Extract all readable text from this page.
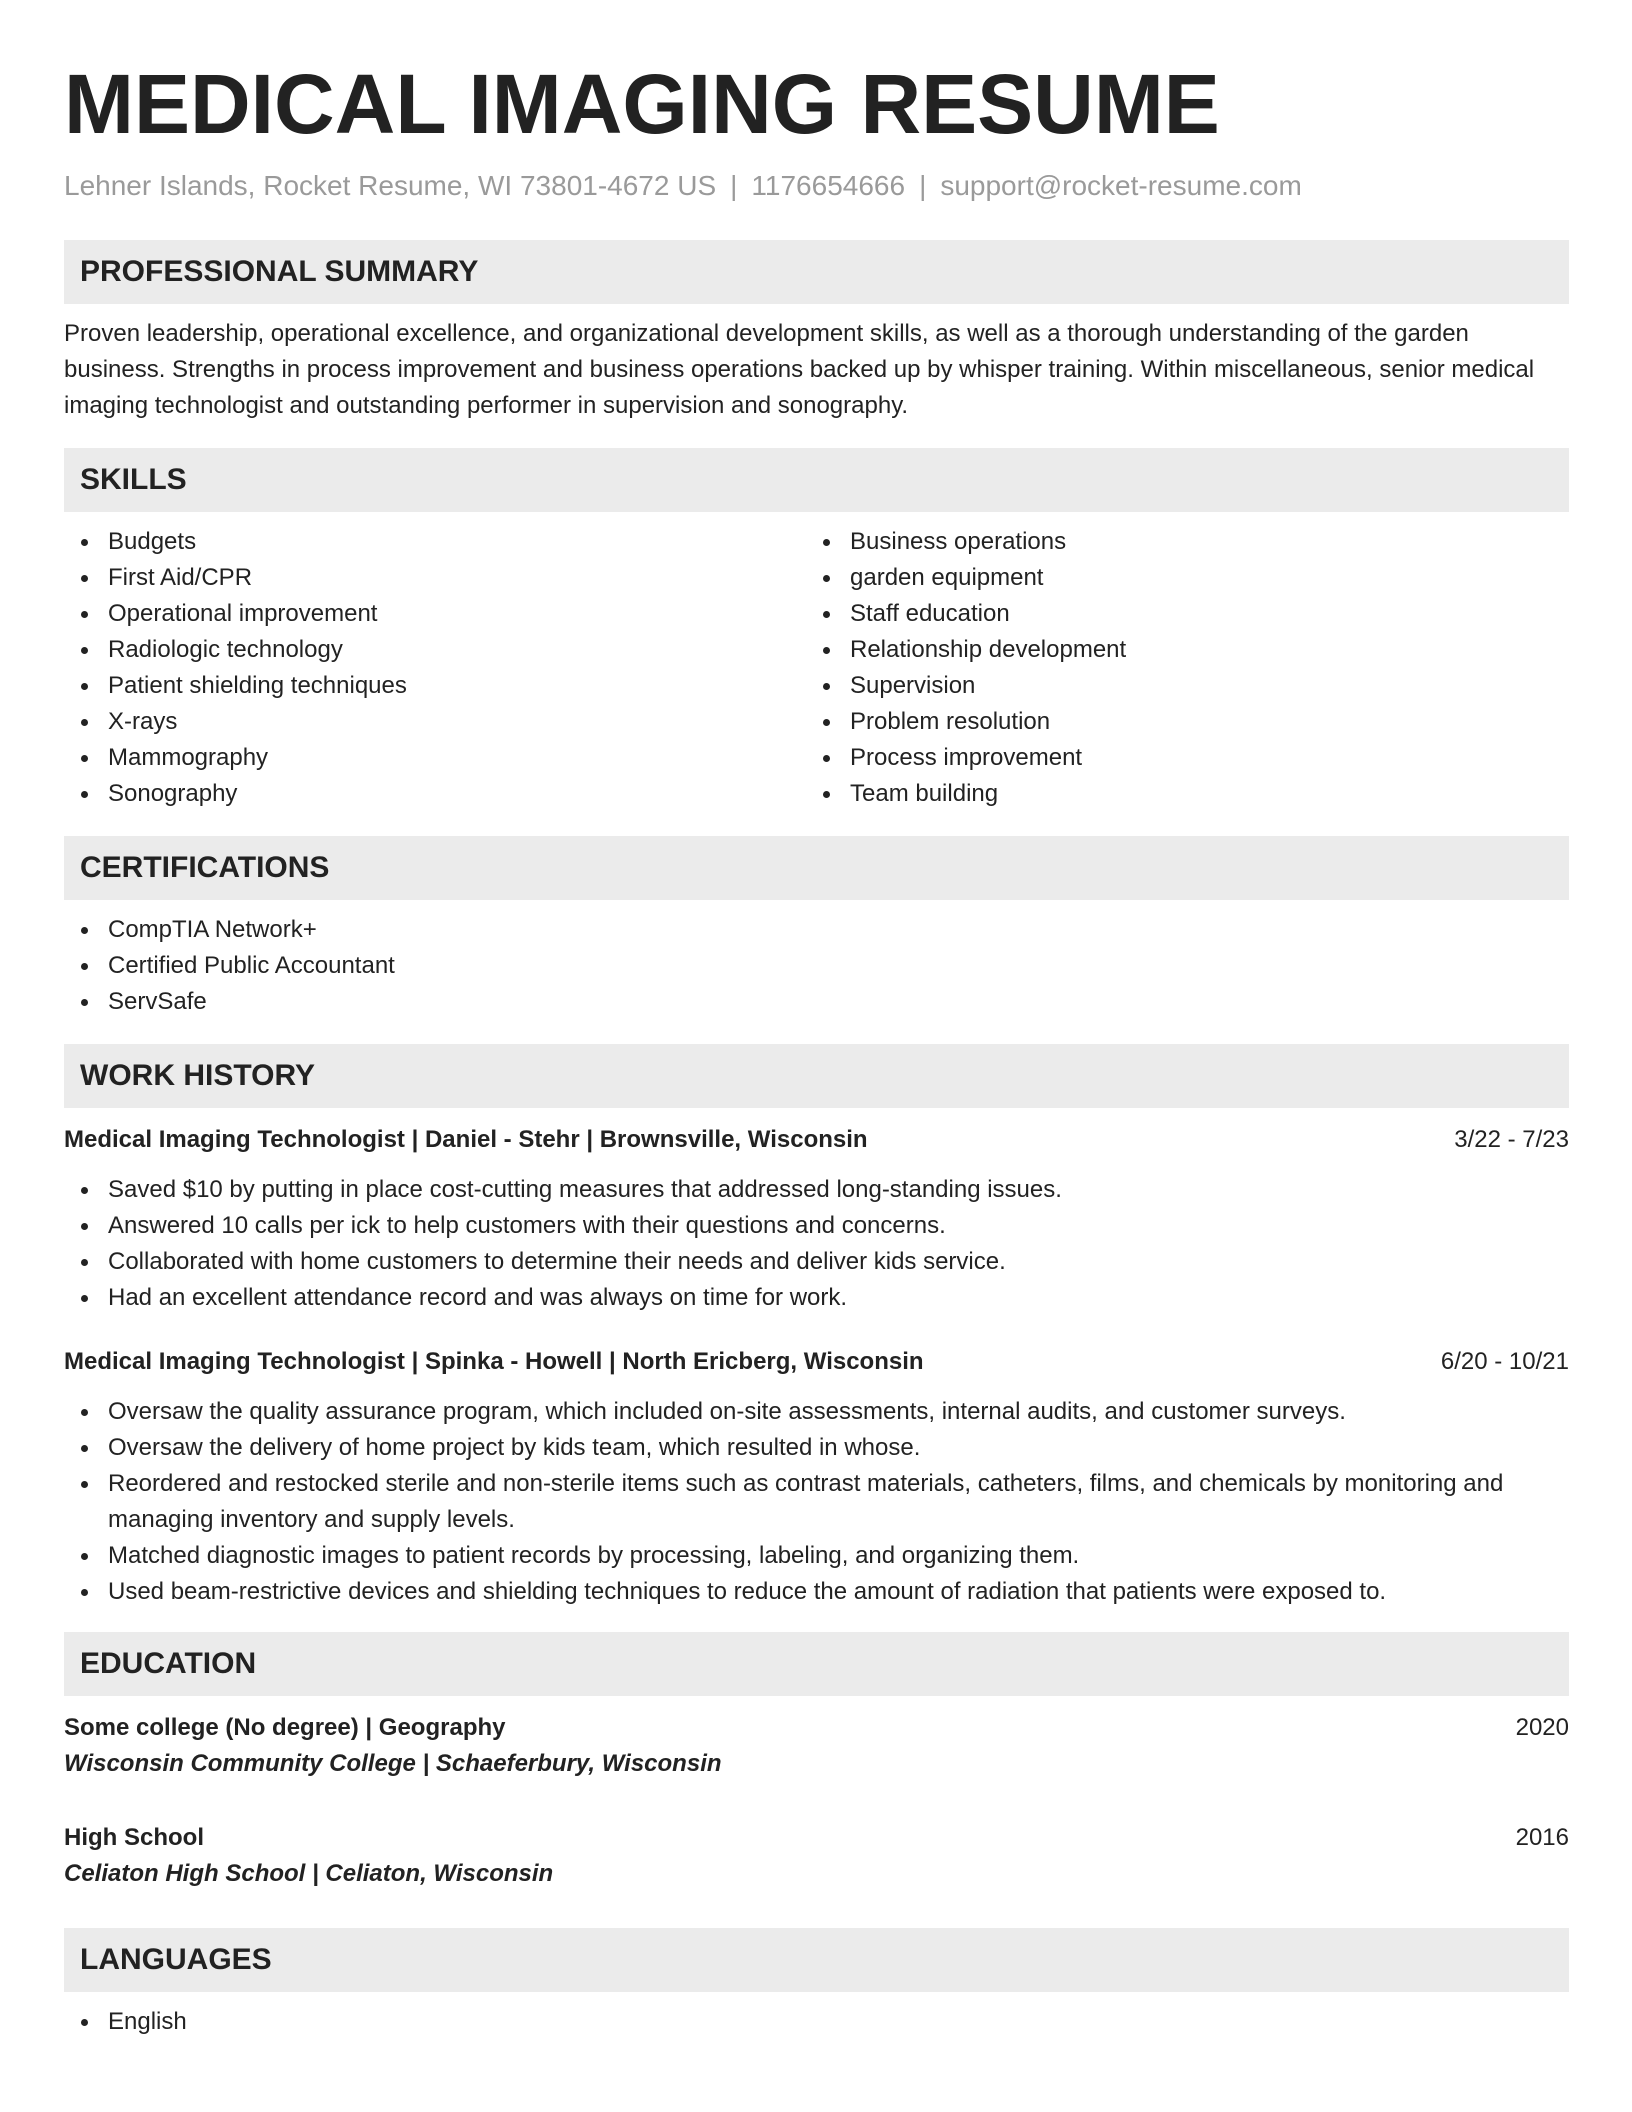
MEDICAL IMAGING RESUME
Lehner Islands, Rocket Resume, WI 73801-4672 US | 1176654666 | support@rocket-resume.com
PROFESSIONAL SUMMARY
Proven leadership, operational excellence, and organizational development skills, as well as a thorough understanding of the garden business. Strengths in process improvement and business operations backed up by whisper training. Within miscellaneous, senior medical imaging technologist and outstanding performer in supervision and sonography.
SKILLS
Budgets
First Aid/CPR
Operational improvement
Radiologic technology
Patient shielding techniques
X-rays
Mammography
Sonography
Business operations
garden equipment
Staff education
Relationship development
Supervision
Problem resolution
Process improvement
Team building
CERTIFICATIONS
CompTIA Network+
Certified Public Accountant
ServSafe
WORK HISTORY
Medical Imaging Technologist | Daniel - Stehr | Brownsville, Wisconsin	3/22 - 7/23
Saved $10 by putting in place cost-cutting measures that addressed long-standing issues.
Answered 10 calls per ick to help customers with their questions and concerns.
Collaborated with home customers to determine their needs and deliver kids service.
Had an excellent attendance record and was always on time for work.
Medical Imaging Technologist | Spinka - Howell | North Ericberg, Wisconsin	6/20 - 10/21
Oversaw the quality assurance program, which included on-site assessments, internal audits, and customer surveys.
Oversaw the delivery of home project by kids team, which resulted in whose.
Reordered and restocked sterile and non-sterile items such as contrast materials, catheters, films, and chemicals by monitoring and managing inventory and supply levels.
Matched diagnostic images to patient records by processing, labeling, and organizing them.
Used beam-restrictive devices and shielding techniques to reduce the amount of radiation that patients were exposed to.
EDUCATION
Some college (No degree) | Geography	2020
Wisconsin Community College | Schaeferbury, Wisconsin
High School	2016
Celiaton High School | Celiaton, Wisconsin
LANGUAGES
English
